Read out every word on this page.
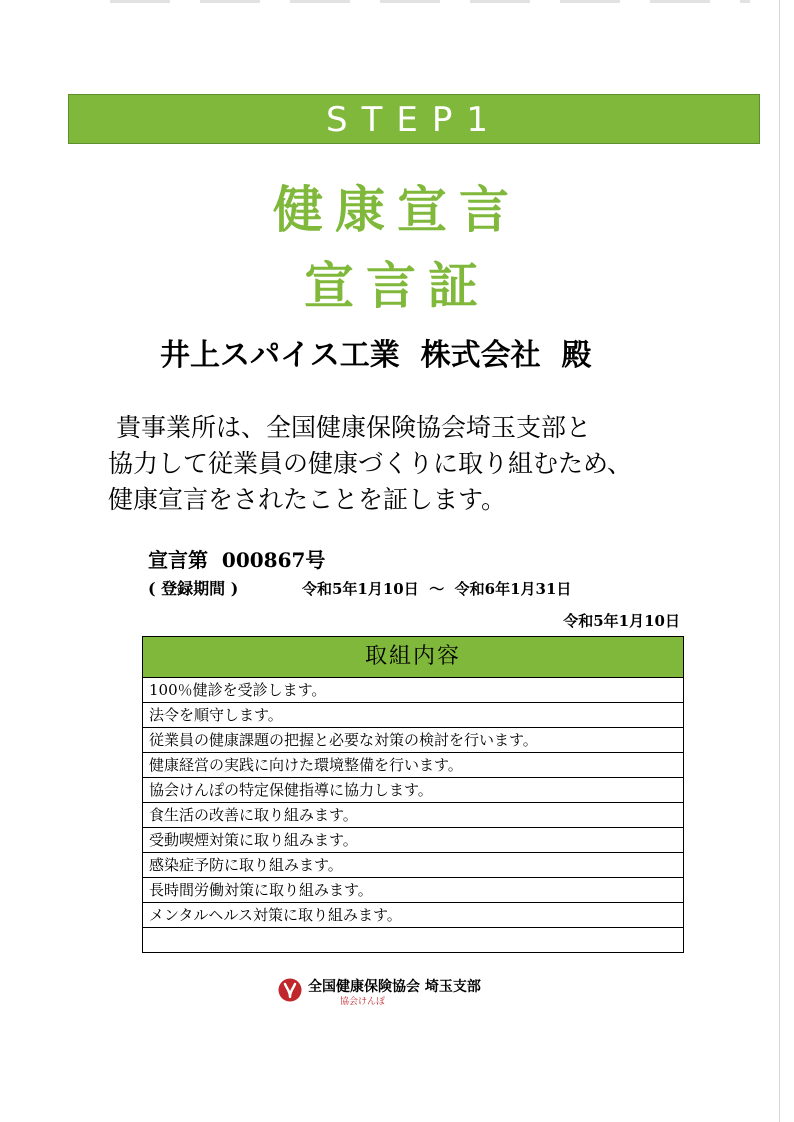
STEP1
健康宣言
宣言証
井上スパイス工業  株式会社  殿
貴事業所は、全国健康保険協会埼玉支部と
協力して従業員の健康づくりに取り組むため、
健康宣言をされたことを証します。
宣言第  000867号
( 登録期間 )	令和5年1月10日  ～  令和6年1月31日
令和5年1月10日
取組内容
100％健診を受診します。
法令を順守します。
従業員の健康課題の把握と必要な対策の検討を行います。
健康経営の実践に向けた環境整備を行います。
協会けんぽの特定保健指導に協力します。
食生活の改善に取り組みます。
受動喫煙対策に取り組みます。
感染症予防に取り組みます。
長時間労働対策に取り組みます。
メンタルヘルス対策に取り組みます。
全国健康保険協会 埼玉支部
協会けんぽ
